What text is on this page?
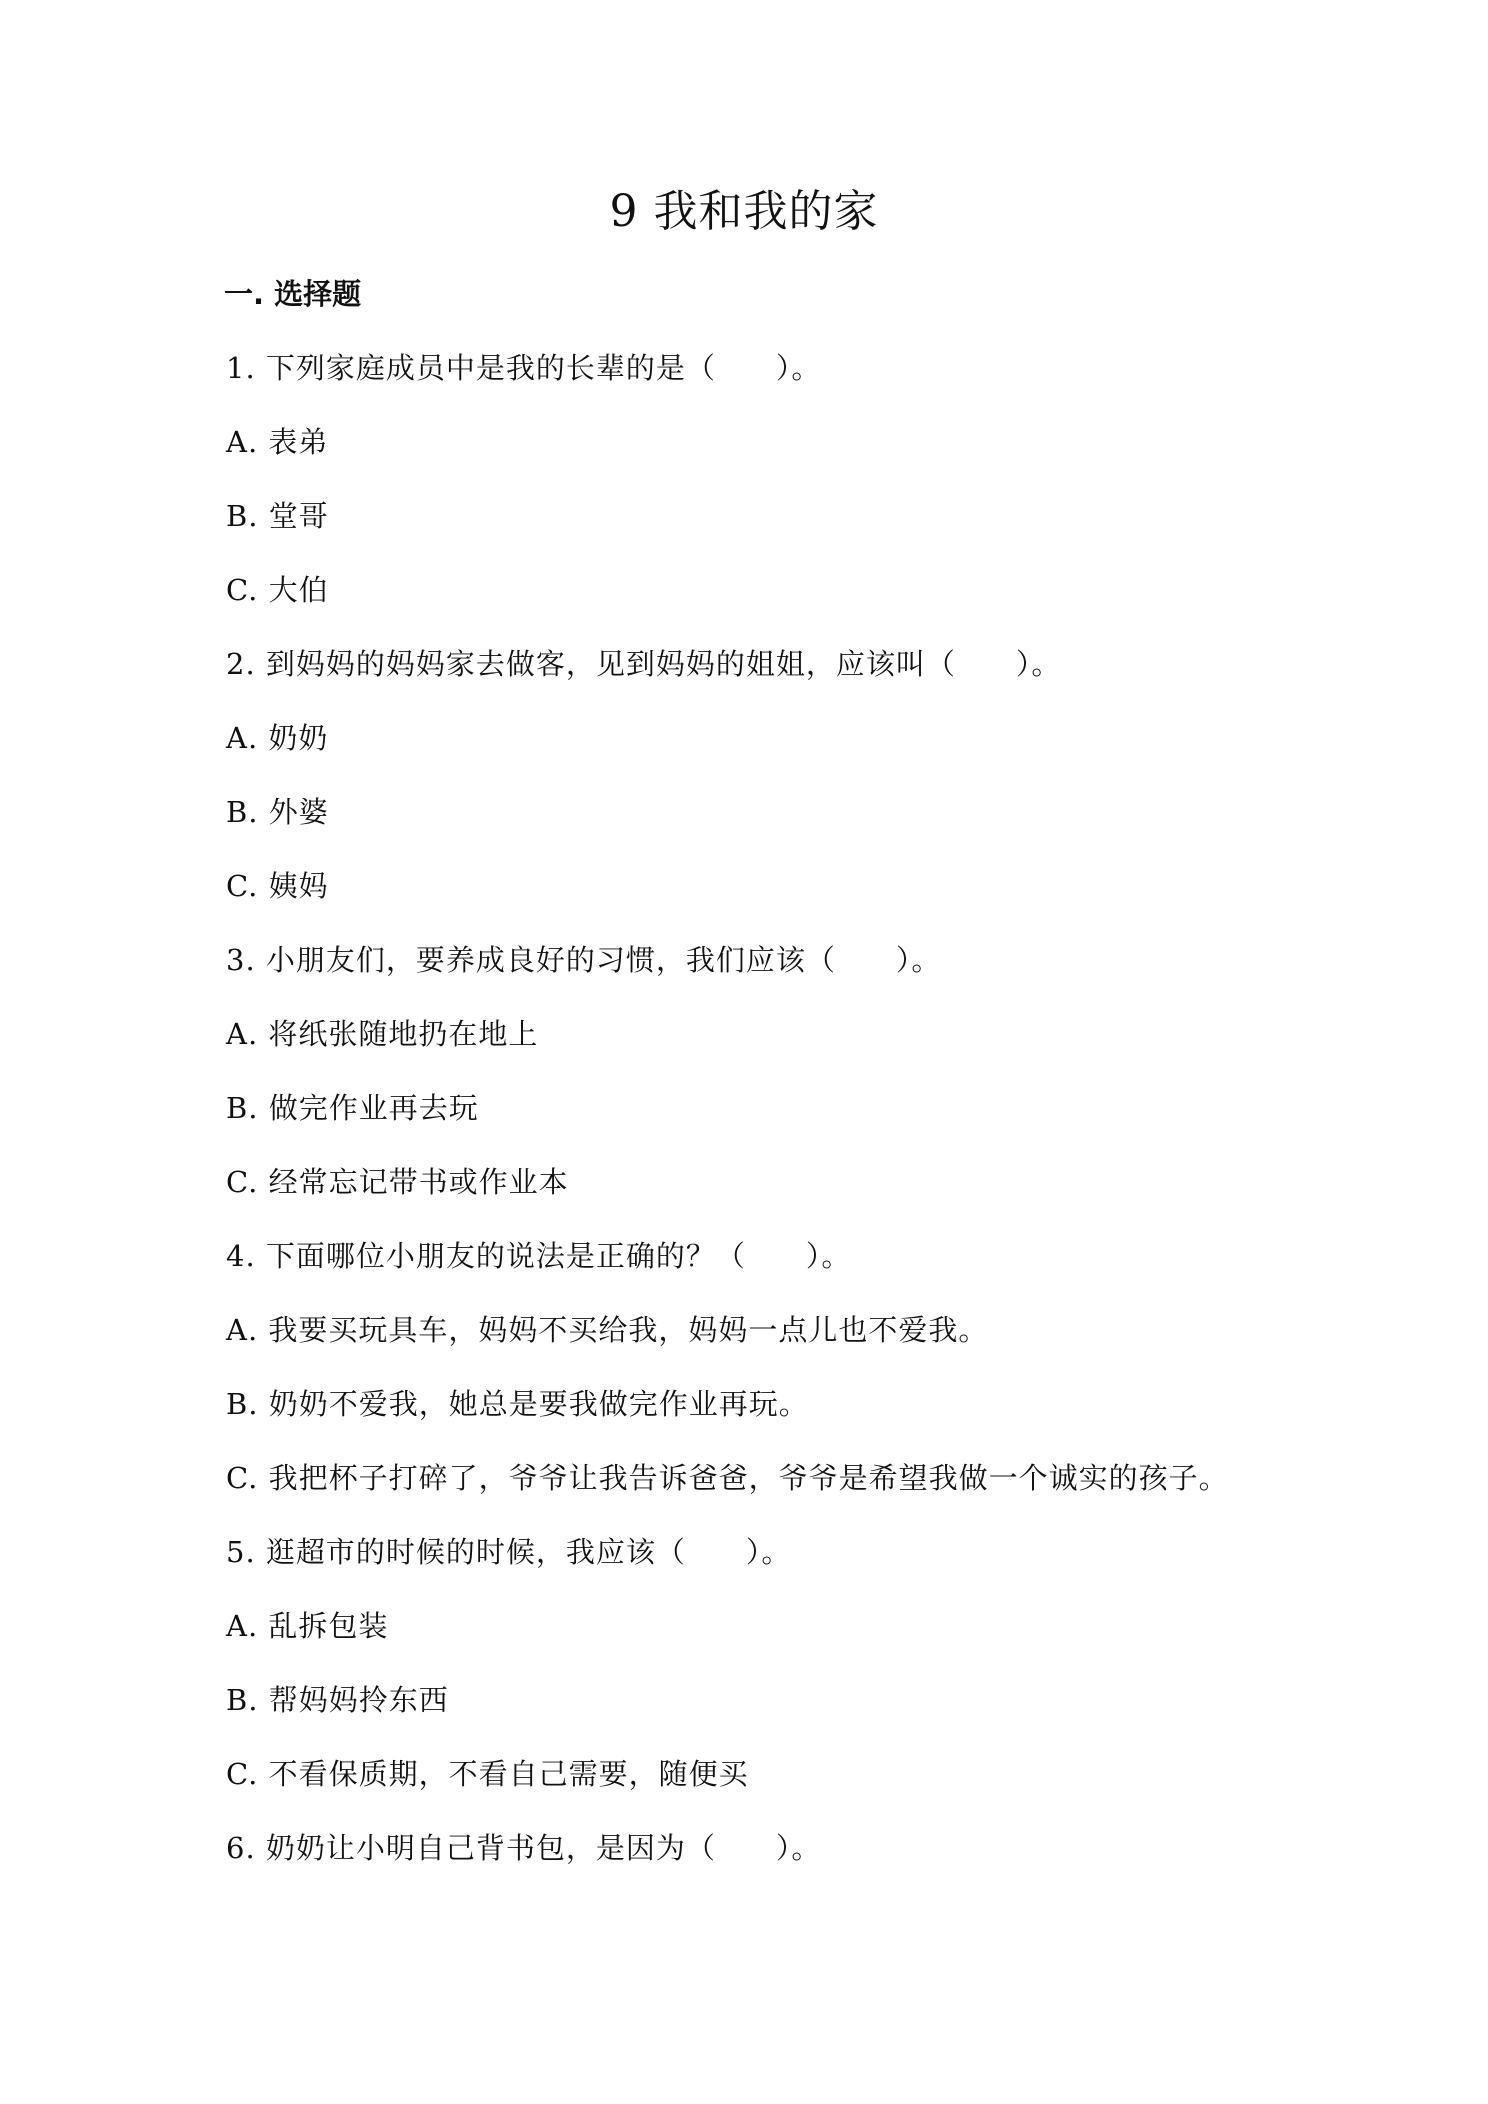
9 我和我的家
一. 选择题
1. 下列家庭成员中是我的长辈的是（　　）。
A. 表弟
B. 堂哥
C. 大伯
2. 到妈妈的妈妈家去做客，见到妈妈的姐姐，应该叫（　　）。
A. 奶奶
B. 外婆
C. 姨妈
3. 小朋友们，要养成良好的习惯，我们应该（　　）。
A. 将纸张随地扔在地上
B. 做完作业再去玩
C. 经常忘记带书或作业本
4. 下面哪位小朋友的说法是正确的？（　　）。
A. 我要买玩具车，妈妈不买给我，妈妈一点儿也不爱我。
B. 奶奶不爱我，她总是要我做完作业再玩。
C. 我把杯子打碎了，爷爷让我告诉爸爸，爷爷是希望我做一个诚实的孩子。
5. 逛超市的时候的时候，我应该（　　）。
A. 乱拆包装
B. 帮妈妈拎东西
C. 不看保质期，不看自己需要，随便买
6. 奶奶让小明自己背书包，是因为（　　）。
